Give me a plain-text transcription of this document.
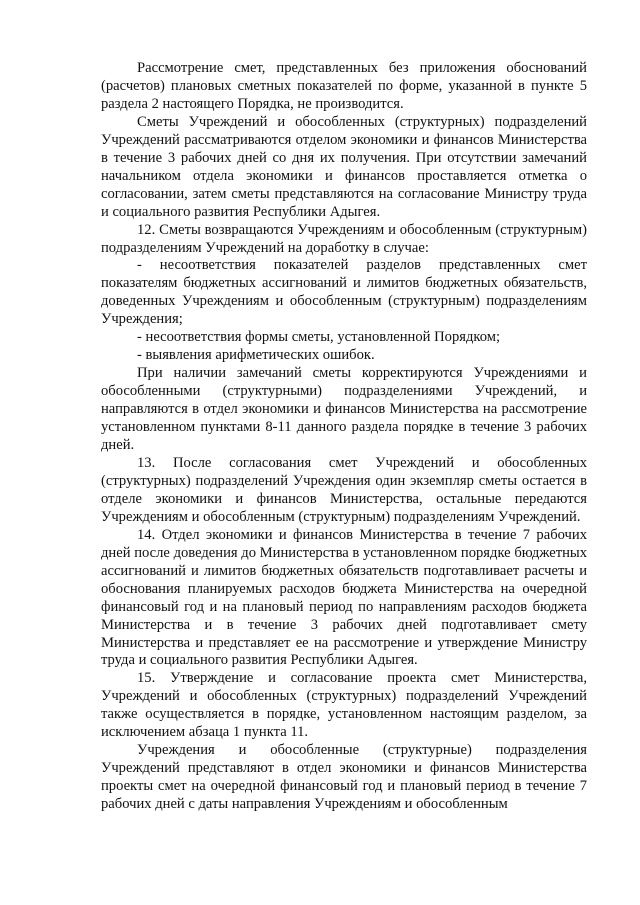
Рассмотрение смет, представленных без приложения обоснований (расчетов) плановых сметных показателей по форме, указанной в пункте 5 раздела 2 настоящего Порядка, не производится.

Сметы Учреждений и обособленных (структурных) подразделений Учреждений рассматриваются отделом экономики и финансов Министерства в течение 3 рабочих дней со дня их получения. При отсутствии замечаний начальником отдела экономики и финансов проставляется отметка о согласовании, затем сметы представляются на согласование Министру труда и социального развития Республики Адыгея.

12. Сметы возвращаются Учреждениям и обособленным (структурным) подразделениям Учреждений на доработку в случае:

- несоответствия показателей разделов представленных смет показателям бюджетных ассигнований и лимитов бюджетных обязательств, доведенных Учреждениям и обособленным (структурным) подразделениям Учреждения;

- несоответствия формы сметы, установленной Порядком;

- выявления арифметических ошибок.

При наличии замечаний сметы корректируются Учреждениями и обособленными (структурными) подразделениями Учреждений, и направляются в отдел экономики и финансов Министерства на рассмотрение установленном пунктами 8-11 данного раздела порядке в течение 3 рабочих дней.

13. После согласования смет Учреждений и обособленных (структурных) подразделений Учреждения один экземпляр сметы остается в отделе экономики и финансов Министерства, остальные передаются Учреждениям и обособленным (структурным) подразделениям Учреждений.

14. Отдел экономики и финансов Министерства в течение 7 рабочих дней после доведения до Министерства в установленном порядке бюджетных ассигнований и лимитов бюджетных обязательств подготавливает расчеты и обоснования планируемых расходов бюджета Министерства на очередной финансовый год и на плановый период по направлениям расходов бюджета Министерства и в течение 3 рабочих дней подготавливает смету Министерства и представляет ее на рассмотрение и утверждение Министру труда и социального развития Республики Адыгея.

15. Утверждение и согласование проекта смет Министерства, Учреждений и обособленных (структурных) подразделений Учреждений также осуществляется в порядке, установленном настоящим разделом, за исключением абзаца 1 пункта 11.

Учреждения и обособленные (структурные) подразделения Учреждений представляют в отдел экономики и финансов Министерства проекты смет на очередной финансовый год и плановый период в течение 7 рабочих дней с даты направления Учреждениям и обособленным
